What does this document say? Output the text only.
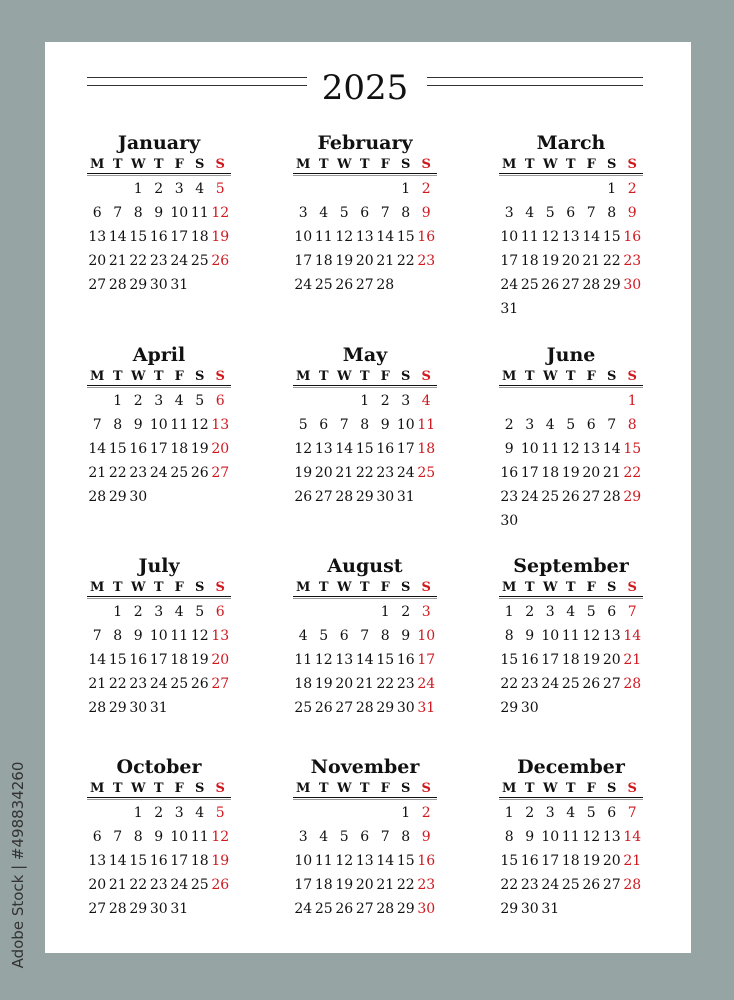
2025
January
M T W T F S S
1 2 3 4 5
6 7 8 9 10 11 12
13 14 15 16 17 18 19
20 21 22 23 24 25 26
27 28 29 30 31
February
M T W T F S S
1 2
3 4 5 6 7 8 9
10 11 12 13 14 15 16
17 18 19 20 21 22 23
24 25 26 27 28
March
M T W T F S S
1 2
3 4 5 6 7 8 9
10 11 12 13 14 15 16
17 18 19 20 21 22 23
24 25 26 27 28 29 30
31
April
M T W T F S S
1 2 3 4 5 6
7 8 9 10 11 12 13
14 15 16 17 18 19 20
21 22 23 24 25 26 27
28 29 30
May
M T W T F S S
1 2 3 4
5 6 7 8 9 10 11
12 13 14 15 16 17 18
19 20 21 22 23 24 25
26 27 28 29 30 31
June
M T W T F S S
1
2 3 4 5 6 7 8
9 10 11 12 13 14 15
16 17 18 19 20 21 22
23 24 25 26 27 28 29
30
July
M T W T F S S
1 2 3 4 5 6
7 8 9 10 11 12 13
14 15 16 17 18 19 20
21 22 23 24 25 26 27
28 29 30 31
August
M T W T F S S
1 2 3
4 5 6 7 8 9 10
11 12 13 14 15 16 17
18 19 20 21 22 23 24
25 26 27 28 29 30 31
September
M T W T F S S
1 2 3 4 5 6 7
8 9 10 11 12 13 14
15 16 17 18 19 20 21
22 23 24 25 26 27 28
29 30
October
M T W T F S S
1 2 3 4 5
6 7 8 9 10 11 12
13 14 15 16 17 18 19
20 21 22 23 24 25 26
27 28 29 30 31
November
M T W T F S S
1 2
3 4 5 6 7 8 9
10 11 12 13 14 15 16
17 18 19 20 21 22 23
24 25 26 27 28 29 30
December
M T W T F S S
1 2 3 4 5 6 7
8 9 10 11 12 13 14
15 16 17 18 19 20 21
22 23 24 25 26 27 28
29 30 31
Adobe Stock | #498834260
